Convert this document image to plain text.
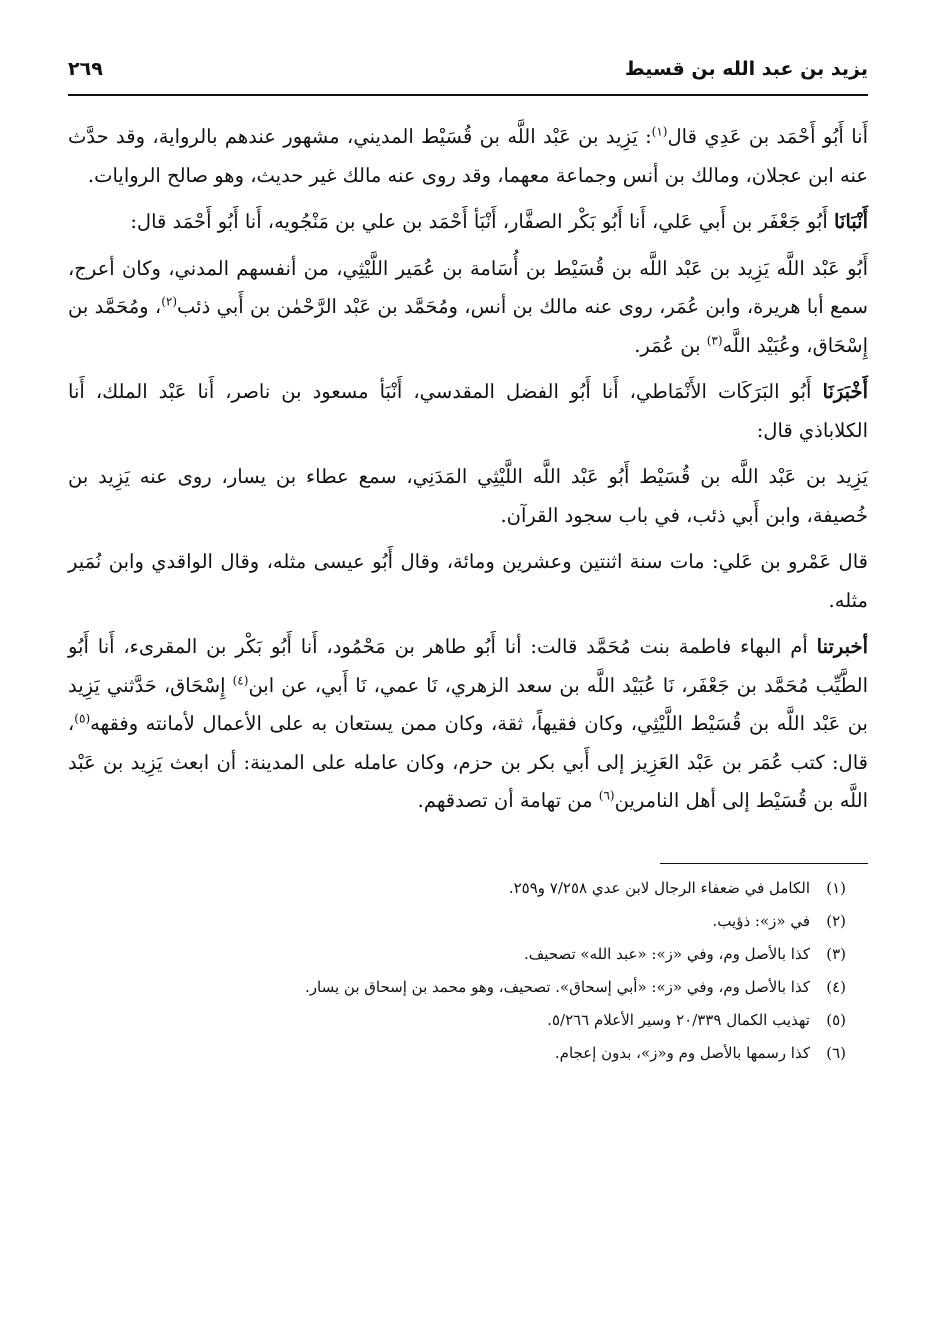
يزيد بن عبد الله بن قسيط
٢٦٩

أَنا أَبُو أَحْمَد بن عَدِي قال$^{(١)}$: يَزِيد بن عَبْد اللَّه بن قُسَيْط المديني، مشهور عندهم بالرواية، وقد حدَّث عنه ابن عجلان، ومالك بن أنس وجماعة معهما، وقد روى عنه مالك غير حديث، وهو صالح الروايات.

أَنْبَانَا أَبُو جَعْفَر بن أَبي عَلي، أَنا أَبُو بَكْر الصفَّار، أَنْبَأ أَحْمَد بن علي بن مَنْجُويه، أَنا أَبُو أَحْمَد قال:

أَبُو عَبْد اللَّه يَزِيد بن عَبْد اللَّه بن قُسَيْط بن أُسَامة بن عُمَير اللَّيْثِي، من أنفسهم المدني، وكان أعرج، سمع أبا هريرة، وابن عُمَر، روى عنه مالك بن أنس، ومُحَمَّد بن عَبْد الرَّحْمٰن بن أَبي ذئب$^{(٢)}$، ومُحَمَّد بن إِسْحَاق، وعُبَيْد اللَّه$^{(٣)}$ بن عُمَر.

أَخْبَرَنَا أَبُو البَرَكَات الأَنْمَاطي، أَنا أَبُو الفضل المقدسي، أَنْبَأ مسعود بن ناصر، أَنا عَبْد الملك، أَنا الكلاباذي قال:

يَزِيد بن عَبْد اللَّه بن قُسَيْط أَبُو عَبْد اللَّه اللَّيْثِي المَدَنِي، سمع عطاء بن يسار، روى عنه يَزِيد بن خُصيفة، وابن أَبي ذئب، في باب سجود القرآن.

قال عَمْرو بن عَلي: مات سنة اثنتين وعشرين ومائة، وقال أَبُو عيسى مثله، وقال الواقدي وابن نُمَير مثله.

أخبرتنا أم البهاء فاطمة بنت مُحَمَّد قالت: أنا أَبُو طاهر بن مَحْمُود، أَنا أَبُو بَكْر بن المقرىء، أَنا أَبُو الطَّيِّب مُحَمَّد بن جَعْفَر، نَا عُبَيْد اللَّه بن سعد الزهري، نَا عمي، نَا أَبي، عن ابن$^{(٤)}$ إِسْحَاق، حَدَّثني يَزِيد بن عَبْد اللَّه بن قُسَيْط اللَّيْثِي، وكان فقيهاً، ثقة، وكان ممن يستعان به على الأعمال لأمانته وفقهه$^{(٥)}$، قال: كتب عُمَر بن عَبْد العَزِيز إلى أَبي بكر بن حزم، وكان عامله على المدينة: أن ابعث يَزِيد بن عَبْد اللَّه بن قُسَيْط إلى أهل النامرين$^{(٦)}$ من تهامة أن تصدقهم.

(١)
الكامل في ضعفاء الرجال لابن عدي ٧/٢٥٨ و٢٥٩.
(٢)
في «ز»: ذؤيب.
(٣)
كذا بالأصل وم، وفي «ز»: «عبد الله» تصحيف.
(٤)
كذا بالأصل وم، وفي «ز»: «أبي إسحاق». تصحيف، وهو محمد بن إسحاق بن يسار.
(٥)
تهذيب الكمال ٢٠/٣٣٩ وسير الأعلام ٥/٢٦٦.
(٦)
كذا رسمها بالأصل وم و«ز»، بدون إعجام.
